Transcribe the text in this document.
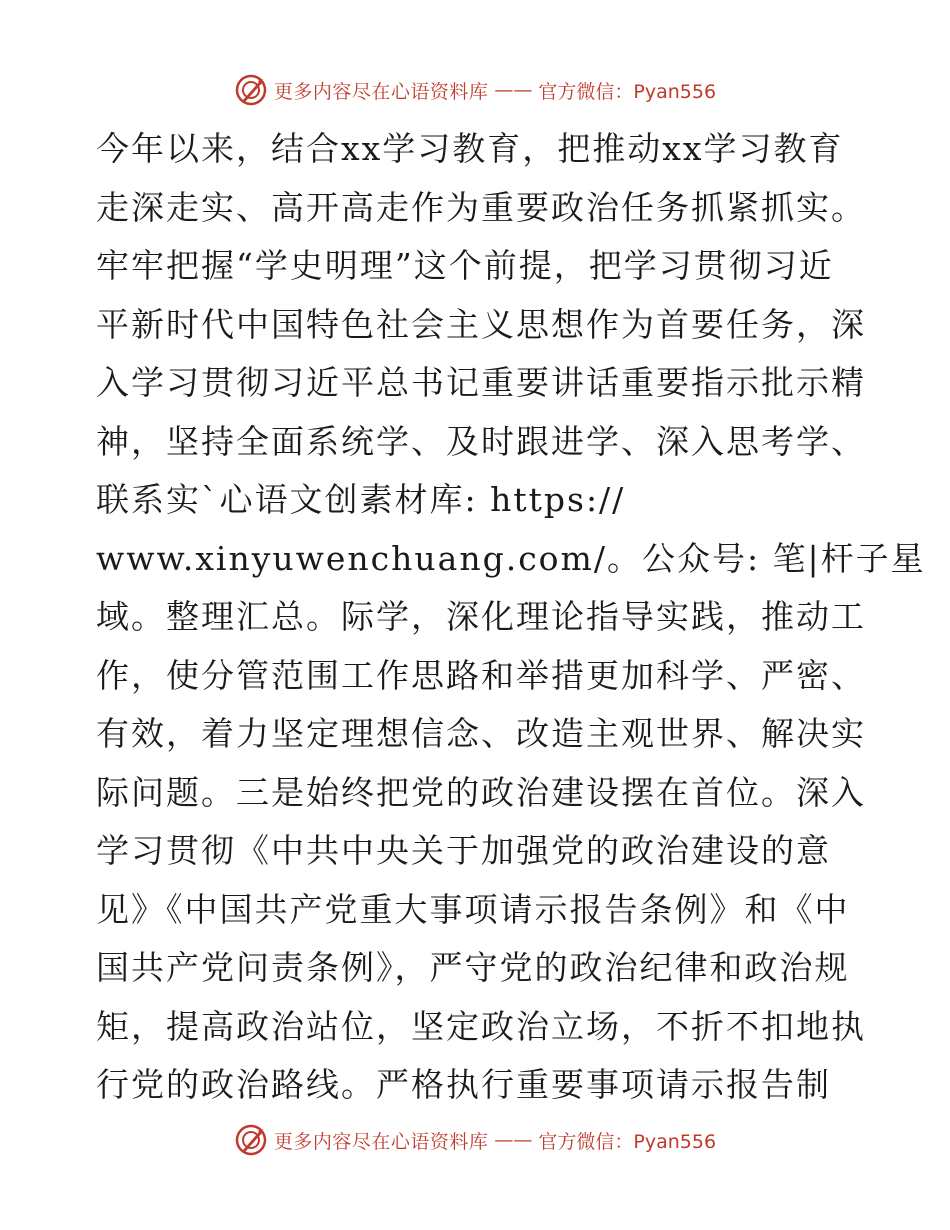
更多内容尽在心语资料库 —— 官方微信：Pyan556
今年以来，结合xx学习教育，把推动xx学习教育
走深走实、高开高走作为重要政治任务抓紧抓实。
牢牢把握“学史明理”这个前提，把学习贯彻习近
平新时代中国特色社会主义思想作为首要任务，深
入学习贯彻习近平总书记重要讲话重要指示批示精
神，坚持全面系统学、及时跟进学、深入思考学、
联系实`心语文创素材库: https://
www.xinyuwenchuang.com/。公众号: 笔|杆子星
域。整理汇总。际学，深化理论指导实践，推动工
作，使分管范围工作思路和举措更加科学、严密、
有效，着力坚定理想信念、改造主观世界、解决实
际问题。三是始终把党的政治建设摆在首位。深入
学习贯彻《中共中央关于加强党的政治建设的意
见》《中国共产党重大事项请示报告条例》和《中
国共产党问责条例》，严守党的政治纪律和政治规
矩，提高政治站位，坚定政治立场，不折不扣地执
行党的政治路线。严格执行重要事项请示报告制
更多内容尽在心语资料库 —— 官方微信：Pyan556
